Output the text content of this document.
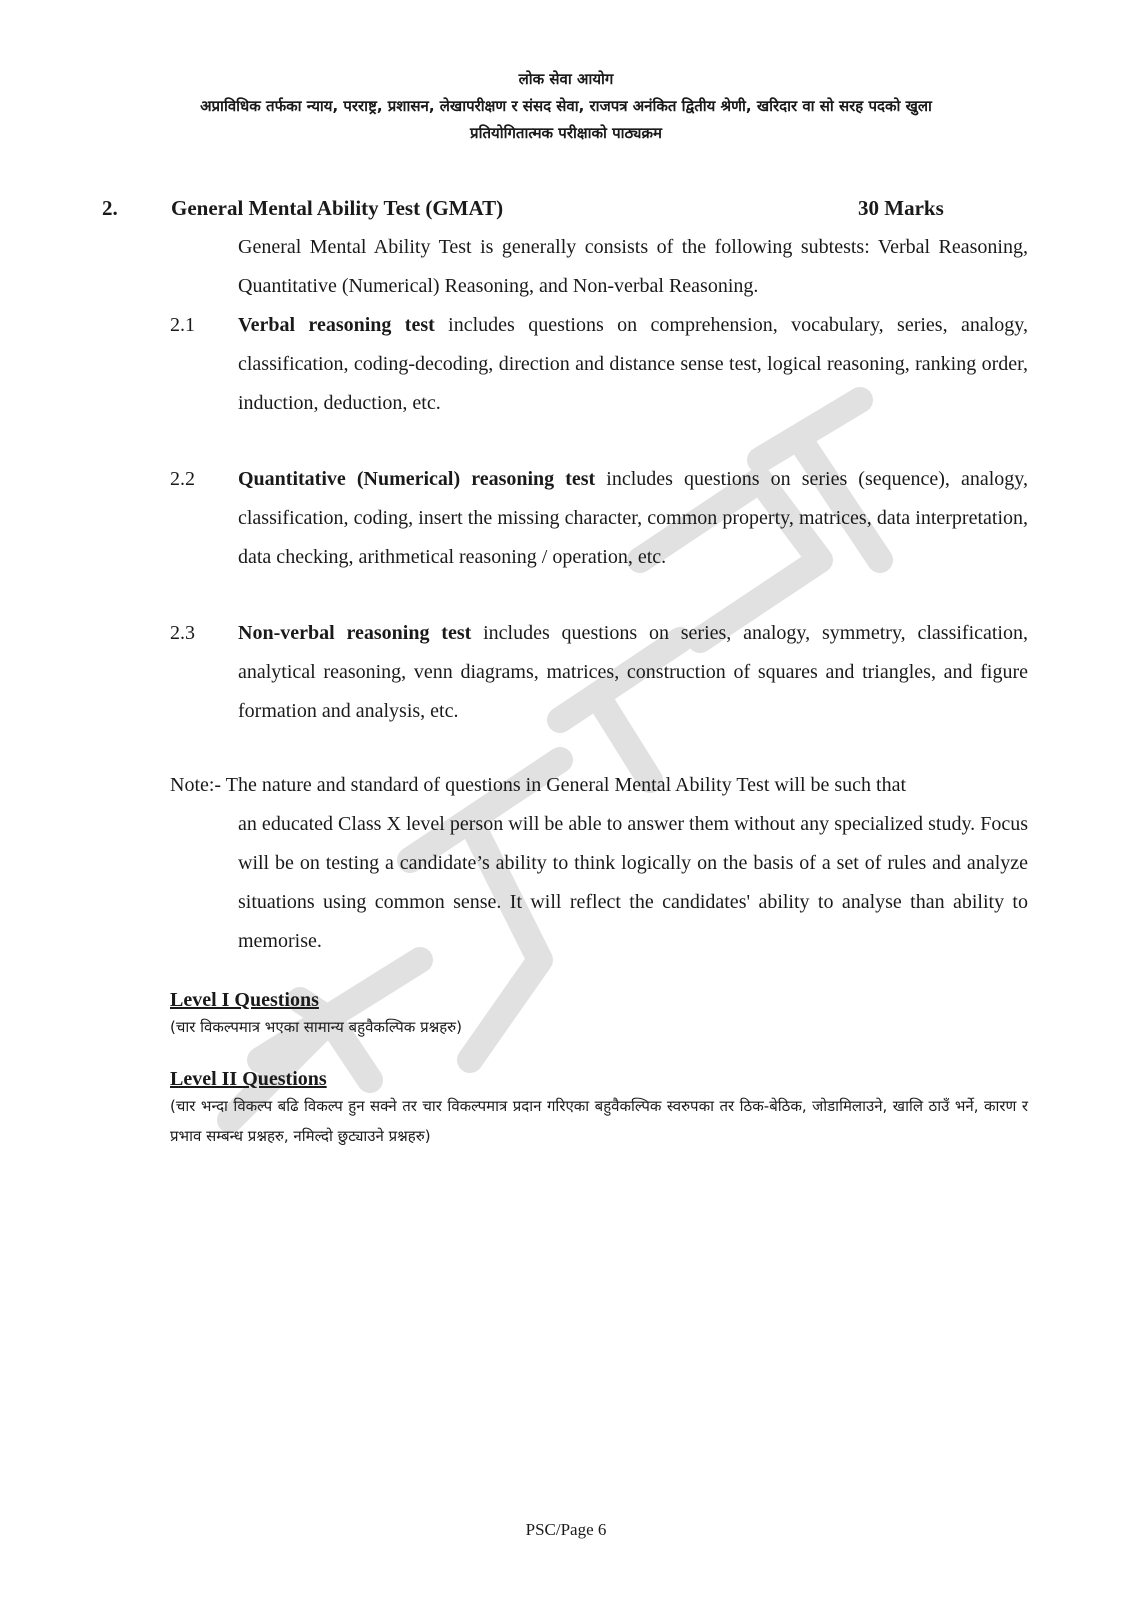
लोक सेवा आयोग
अप्राविधिक तर्फका न्याय, परराष्ट्र, प्रशासन, लेखापरीक्षण र संसद सेवा, राजपत्र अनंकित द्वितीय श्रेणी, खरिदार वा सो सरह पदको खुला
प्रतियोगितात्मक परीक्षाको पाठ्यक्रम
2.	General Mental Ability Test (GMAT)	30 Marks
General Mental Ability Test is generally consists of the following subtests: Verbal Reasoning, Quantitative (Numerical) Reasoning, and Non-verbal Reasoning.
2.1 Verbal reasoning test includes questions on comprehension, vocabulary, series, analogy, classification, coding-decoding, direction and distance sense test, logical reasoning, ranking order, induction, deduction, etc.
2.2 Quantitative (Numerical) reasoning test includes questions on series (sequence), analogy, classification, coding, insert the missing character, common property, matrices, data interpretation, data checking, arithmetical reasoning / operation, etc.
2.3 Non-verbal reasoning test includes questions on series, analogy, symmetry, classification, analytical reasoning, venn diagrams, matrices, construction of squares and triangles, and figure formation and analysis, etc.
Note:- The nature and standard of questions in General Mental Ability Test will be such that
an educated Class X level person will be able to answer them without any specialized study. Focus will be on testing a candidate’s ability to think logically on the basis of a set of rules and analyze situations using common sense. It will reflect the candidates' ability to analyse than ability to memorise.
Level I Questions
(चार विकल्पमात्र भएका सामान्य बहुवैकल्पिक प्रश्नहरु)
Level II Questions
(चार भन्दा विकल्प बढि विकल्प हुन सक्ने तर चार विकल्पमात्र प्रदान गरिएका बहुवैकल्पिक स्वरुपका तर ठिक-बेठिक, जोडामिलाउने, खालि ठाउँ भर्ने, कारण र प्रभाव सम्बन्ध प्रश्नहरु, नमिल्दो छुट्याउने प्रश्नहरु)
PSC/Page 6
